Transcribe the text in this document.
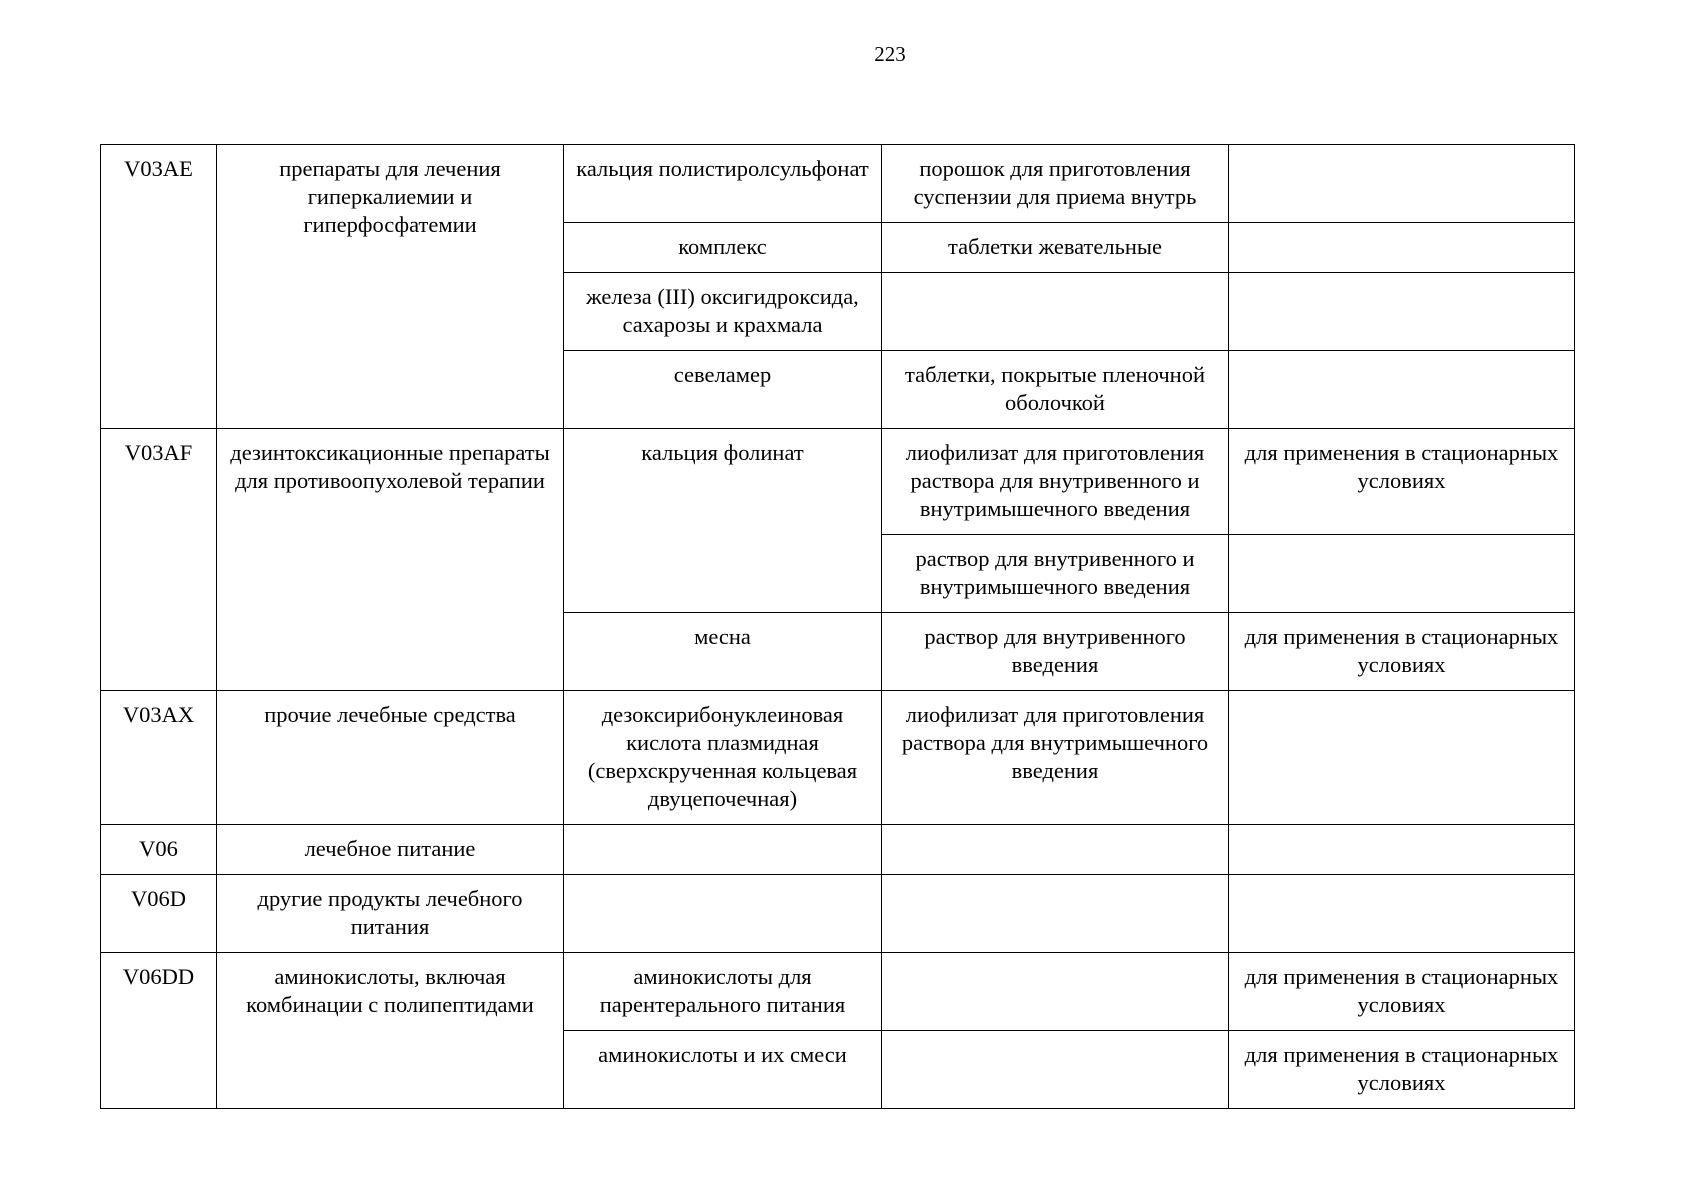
223
V03AE	препараты для лечения гиперкалиемии и гиперфосфатемии	кальция полистиролсульфонат	порошок для приготовления суспензии для приема внутрь	
		комплекс	таблетки жевательные	
		железа (III) оксигидроксида, сахарозы и крахмала		
		севеламер	таблетки, покрытые пленочной оболочкой	
V03AF	дезинтоксикационные препараты для противоопухолевой терапии	кальция фолинат	лиофилизат для приготовления раствора для внутривенного и внутримышечного введения	для применения в стационарных условиях
			раствор для внутривенного и внутримышечного введения	
		месна	раствор для внутривенного введения	для применения в стационарных условиях
V03AX	прочие лечебные средства	дезоксирибонуклеиновая кислота плазмидная (сверхскрученная кольцевая двуцепочечная)	лиофилизат для приготовления раствора для внутримышечного введения	
V06	лечебное питание			
V06D	другие продукты лечебного питания			
V06DD	аминокислоты, включая комбинации с полипептидами	аминокислоты для парентерального питания		для применения в стационарных условиях
		аминокислоты и их смеси		для применения в стационарных условиях
